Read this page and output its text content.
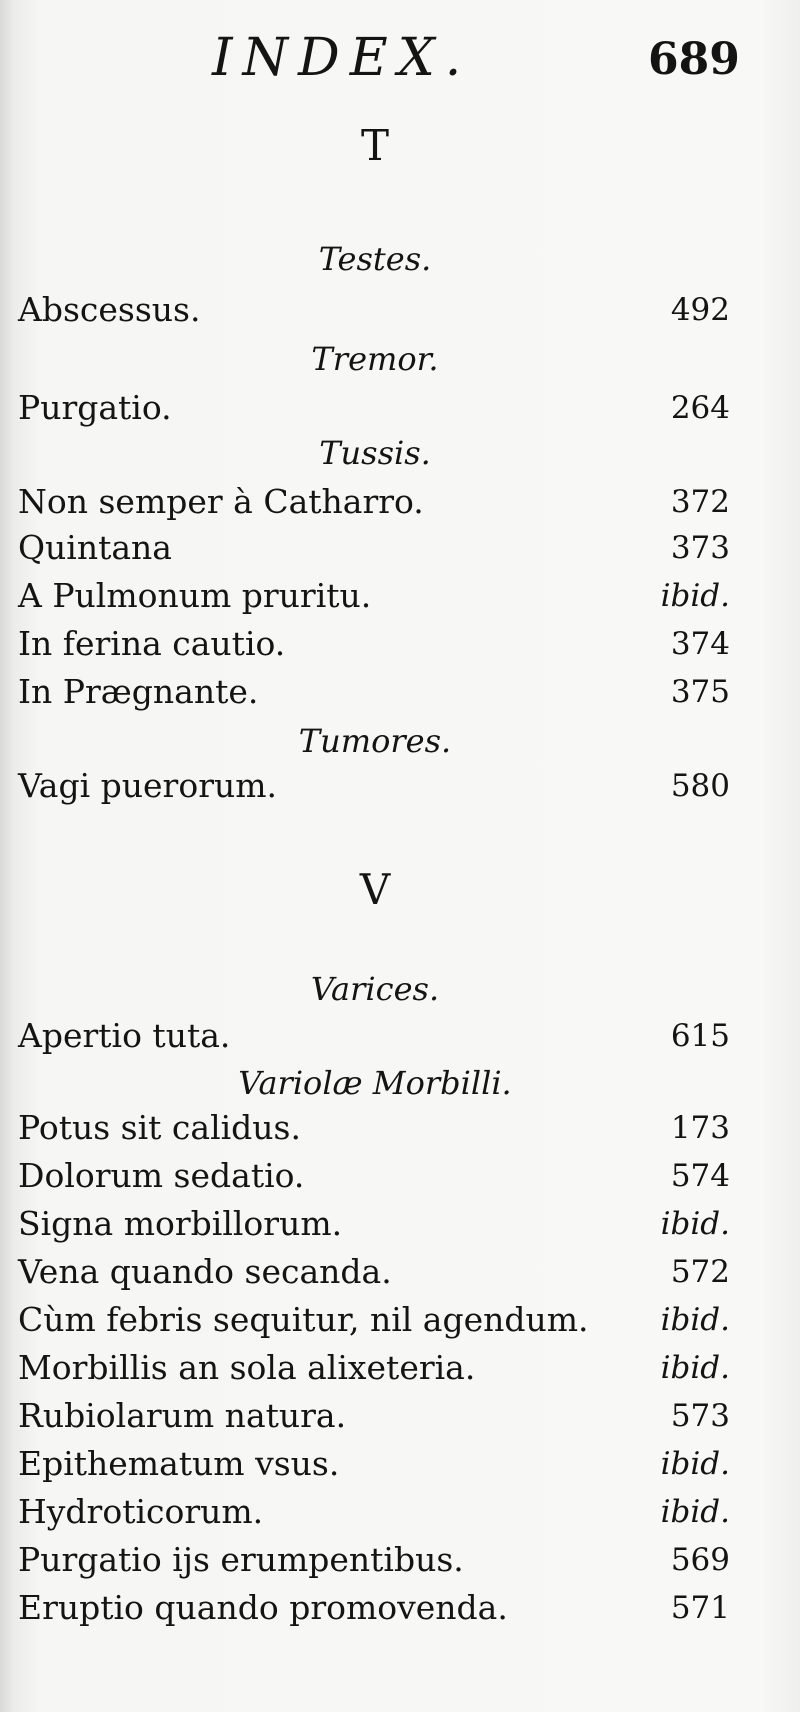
INDEX.	689
T
Testes.
Abscessus.	492
Tremor.
Purgatio.	264
Tussis.
Non semper à Catharro.	372
Quintana	373
A Pulmonum pruritu.	ibid.
In ferina cautio.	374
In Prægnante.	375
Tumores.
Vagi puerorum.	580
V
Varices.
Apertio tuta.	615
Variolæ Morbilli.
Potus sit calidus.	173
Dolorum sedatio.	574
Signa morbillorum.	ibid.
Vena quando secanda.	572
Cùm febris sequitur, nil agendum. ibid.
Morbillis an sola alixeteria.	ibid.
Rubiolarum natura.	573
Epithematum vsus.	ibid.
Hydroticorum.	ibid.
Purgatio ijs erumpentibus.	569
Eruptio quando promovenda.	571
